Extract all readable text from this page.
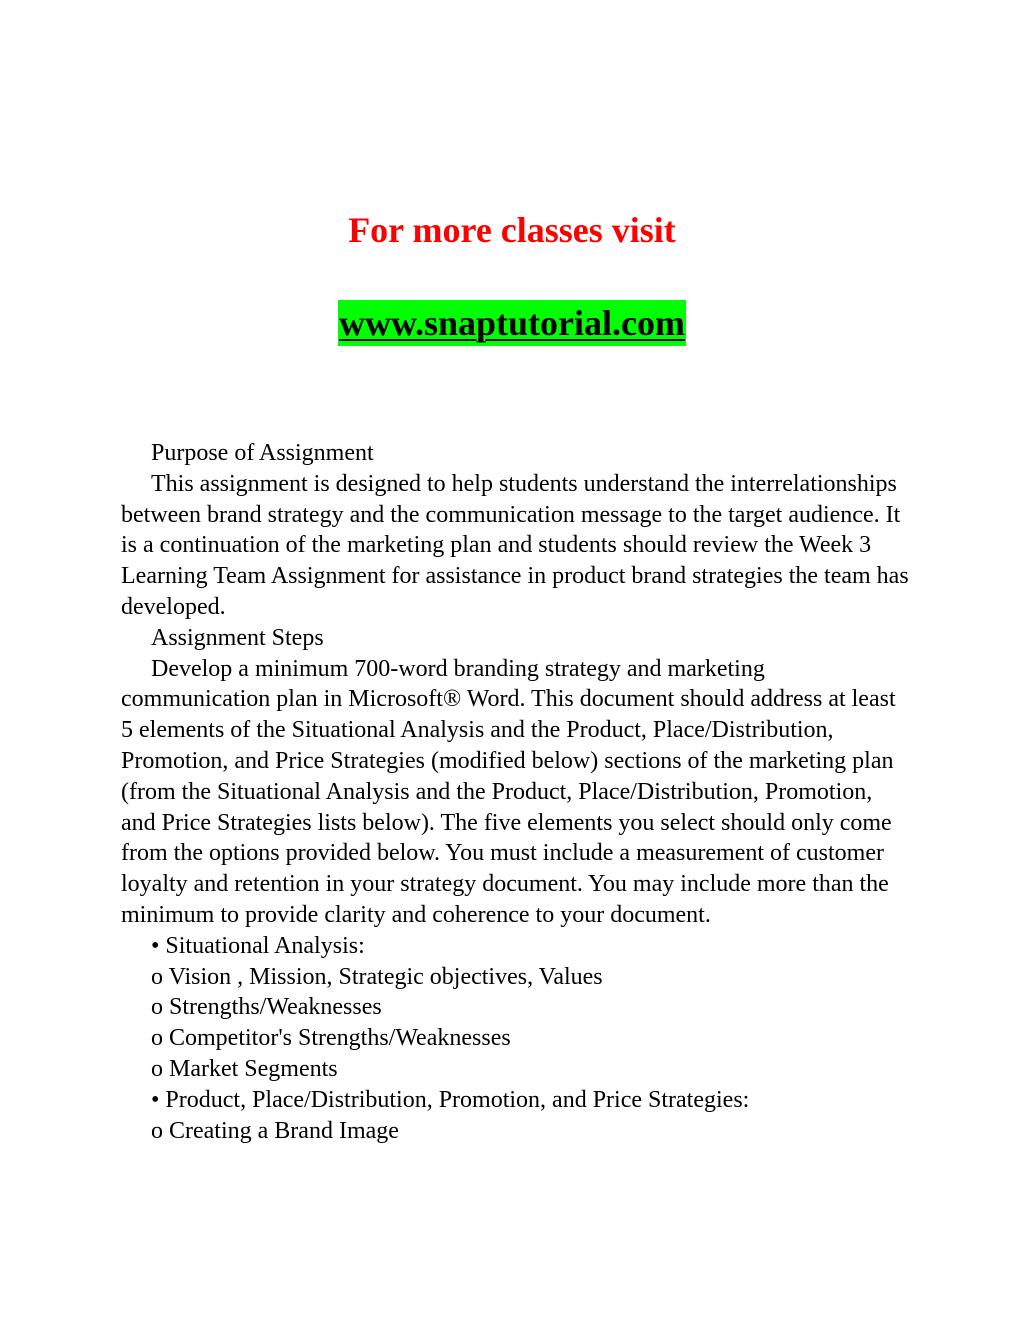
For more classes visit
www.snaptutorial.com

Purpose of Assignment

This assignment is designed to help students understand the interrelationships between brand strategy and the communication message to the target audience. It is a continuation of the marketing plan and students should review the Week 3 Learning Team Assignment for assistance in product brand strategies the team has developed.

Assignment Steps

Develop a minimum 700-word branding strategy and marketing communication plan in Microsoft® Word. This document should address at least 5 elements of the Situational Analysis and the Product, Place/Distribution, Promotion, and Price Strategies (modified below) sections of the marketing plan (from the Situational Analysis and the Product, Place/Distribution, Promotion, and Price Strategies lists below). The five elements you select should only come from the options provided below. You must include a measurement of customer loyalty and retention in your strategy document. You may include more than the minimum to provide clarity and coherence to your document.

• Situational Analysis:

o Vision , Mission, Strategic objectives, Values

o Strengths/Weaknesses

o Competitor's Strengths/Weaknesses

o Market Segments

• Product, Place/Distribution, Promotion, and Price Strategies:

o Creating a Brand Image
